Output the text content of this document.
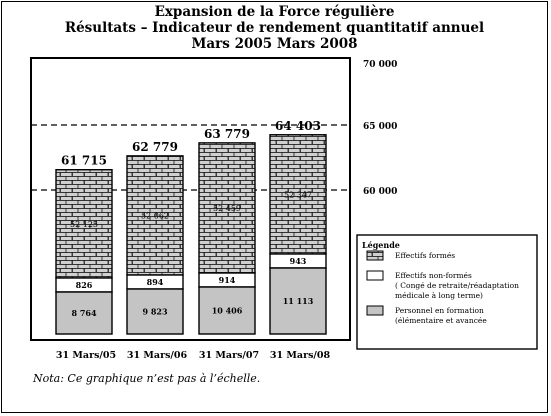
Expansion de la Force régulière
Résultats – Indicateur de rendement quantitatif annuel
Mars 2005 Mars 2008
70 000
65 000
60 000
52 125
826
8 764
61 715
31 Mars/05
52 062
894
9 823
62 779
31 Mars/06
52 459
914
10 406
63 779
31 Mars/07
52 347
943
11 113
64 403
31 Mars/08
Légende
Effectifs formés
Effectifs non-formés
( Congé de retraite/réadaptation
médicale à long terme)
Personnel en formation
(élémentaire et avancée
Nota: Ce graphique n’est pas à l’échelle.
